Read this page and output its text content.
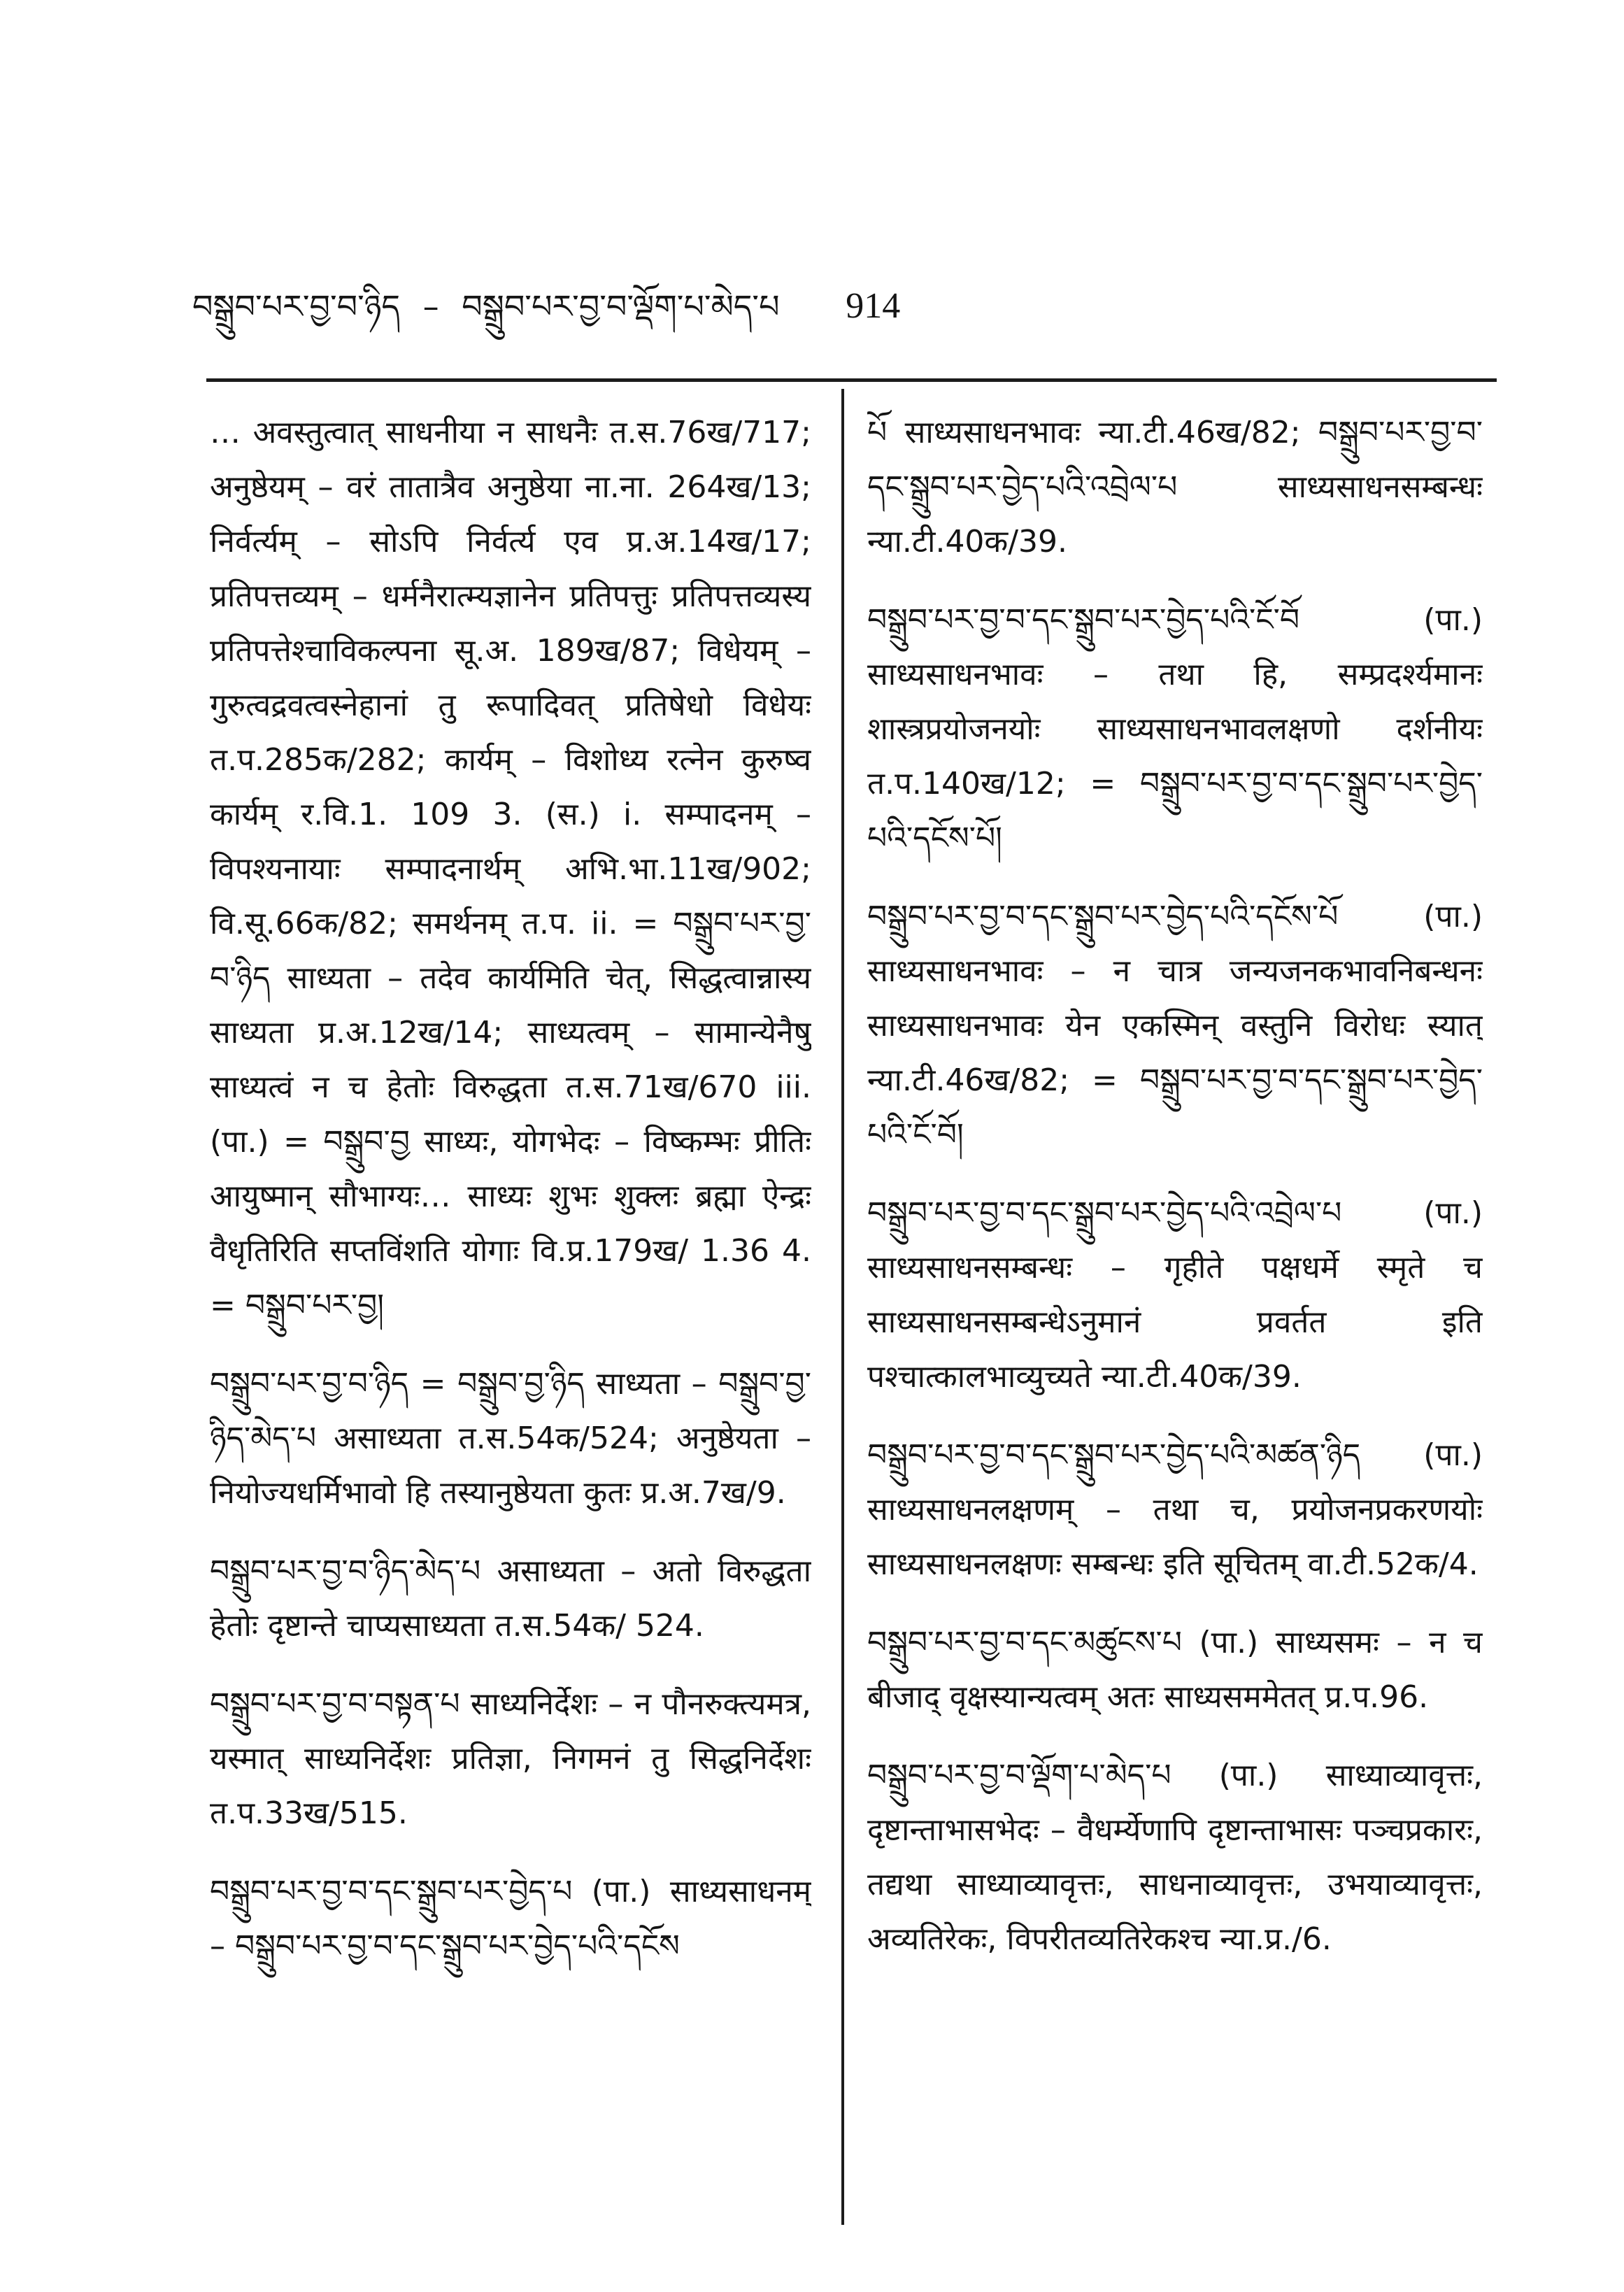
བསྒྲུབ་པར་བྱ་བ་ཉིད – བསྒྲུབ་པར་བྱ་བ་ལྡོག་པ་མེད་པ 914

… अवस्तुत्वात् साधनीया न साधनैः त.स.76ख/717; अनुष्ठेयम् – वरं तातात्रैव अनुष्ठेया ना.ना. 264ख/13; निर्वर्त्यम् – सोऽपि निर्वर्त्य एव प्र.अ.14ख/17; प्रतिपत्तव्यम् – धर्मनैरात्म्यज्ञानेन प्रतिपत्तुः प्रतिपत्तव्यस्य प्रतिपत्तेश्चाविकल्पना सू.अ. 189ख/87; विधेयम् – गुरुत्वद्रवत्वस्नेहानां तु रूपादिवत् प्रतिषेधो विधेयः त.प.285क/282; कार्यम् – विशोध्य रत्नेन कुरुष्व कार्यम् र.वि.1. 109 3. (स.) i. सम्पादनम् – विपश्यनायाः सम्पादनार्थम् अभि.भा.11ख/902; वि.सू.66क/82; समर्थनम् त.प. ii. = བསྒྲུབ་པར་བྱ་བ་ཉིད साध्यता – तदेव कार्यमिति चेत्, सिद्धत्वान्नास्य साध्यता प्र.अ.12ख/14; साध्यत्वम् – सामान्येनैषु साध्यत्वं न च हेतोः विरुद्धता त.स.71ख/670 iii. (पा.) = བསྒྲུབ་བྱ साध्यः, योगभेदः – विष्कम्भः प्रीतिः आयुष्मान् सौभाग्यः… साध्यः शुभः शुक्लः ब्रह्मा ऐन्द्रः वैधृतिरिति सप्तविंशति योगाः वि.प्र.179ख/ 1.36 4. = བསྒྲུབ་པར་བྱ།

བསྒྲུབ་པར་བྱ་བ་ཉིད = བསྒྲུབ་བྱ་ཉིད साध्यता – བསྒྲུབ་བྱ་ཉིད་མེད་པ असाध्यता त.स.54क/524; अनुष्ठेयता – नियोज्यधर्मिभावो हि तस्यानुष्ठेयता कुतः प्र.अ.7ख/9.

བསྒྲུབ་པར་བྱ་བ་ཉིད་མེད་པ असाध्यता – अतो विरुद्धता हेतोः दृष्टान्ते चाप्यसाध्यता त.स.54क/ 524.

བསྒྲུབ་པར་བྱ་བ་བསྟན་པ साध्यनिर्देशः – न पौनरुक्त्यमत्र, यस्मात् साध्यनिर्देशः प्रतिज्ञा, निगमनं तु सिद्धनिर्देशः त.प.33ख/515.

བསྒྲུབ་པར་བྱ་བ་དང་སྒྲུབ་པར་བྱེད་པ (पा.) साध्यसाधनम् – བསྒྲུབ་པར་བྱ་བ་དང་སྒྲུབ་པར་བྱེད་པའི་དངོས

པོ साध्यसाधनभावः न्या.टी.46ख/82; བསྒྲུབ་པར་བྱ་བ་དང་སྒྲུབ་པར་བྱེད་པའི་འབྲེལ་པ साध्यसाधनसम्बन्धः न्या.टी.40क/39.

བསྒྲུབ་པར་བྱ་བ་དང་སྒྲུབ་པར་བྱེད་པའི་ངོ་བོ (पा.) साध्यसाधनभावः – तथा हि, सम्प्रदर्श्यमानः शास्त्रप्रयोजनयोः साध्यसाधनभावलक्षणो दर्शनीयः त.प.140ख/12; = བསྒྲུབ་པར་བྱ་བ་དང་སྒྲུབ་པར་བྱེད་པའི་དངོས་པོ།

བསྒྲུབ་པར་བྱ་བ་དང་སྒྲུབ་པར་བྱེད་པའི་དངོས་པོ (पा.) साध्यसाधनभावः – न चात्र जन्यजनकभावनिबन्धनः साध्यसाधनभावः येन एकस्मिन् वस्तुनि विरोधः स्यात् न्या.टी.46ख/82; = བསྒྲུབ་པར་བྱ་བ་དང་སྒྲུབ་པར་བྱེད་པའི་ངོ་བོ།

བསྒྲུབ་པར་བྱ་བ་དང་སྒྲུབ་པར་བྱེད་པའི་འབྲེལ་པ (पा.) साध्यसाधनसम्बन्धः – गृहीते पक्षधर्मे स्मृते च साध्यसाधनसम्बन्धेऽनुमानं प्रवर्तत इति पश्चात्कालभाव्युच्यते न्या.टी.40क/39.

བསྒྲུབ་པར་བྱ་བ་དང་སྒྲུབ་པར་བྱེད་པའི་མཚན་ཉིད (पा.) साध्यसाधनलक्षणम् – तथा च, प्रयोजनप्रकरणयोः साध्यसाधनलक्षणः सम्बन्धः इति सूचितम् वा.टी.52क/4.

བསྒྲུབ་པར་བྱ་བ་དང་མཚུངས་པ (पा.) साध्यसमः – न च बीजाद् वृक्षस्यान्यत्वम् अतः साध्यसममेतत् प्र.प.96.

བསྒྲུབ་པར་བྱ་བ་ལྡོག་པ་མེད་པ (पा.) साध्याव्यावृत्तः, दृष्टान्ताभासभेदः – वैधर्म्येणापि दृष्टान्ताभासः पञ्चप्रकारः, तद्यथा साध्याव्यावृत्तः, साधनाव्यावृत्तः, उभयाव्यावृत्तः, अव्यतिरेकः, विपरीतव्यतिरेकश्च न्या.प्र./6.
